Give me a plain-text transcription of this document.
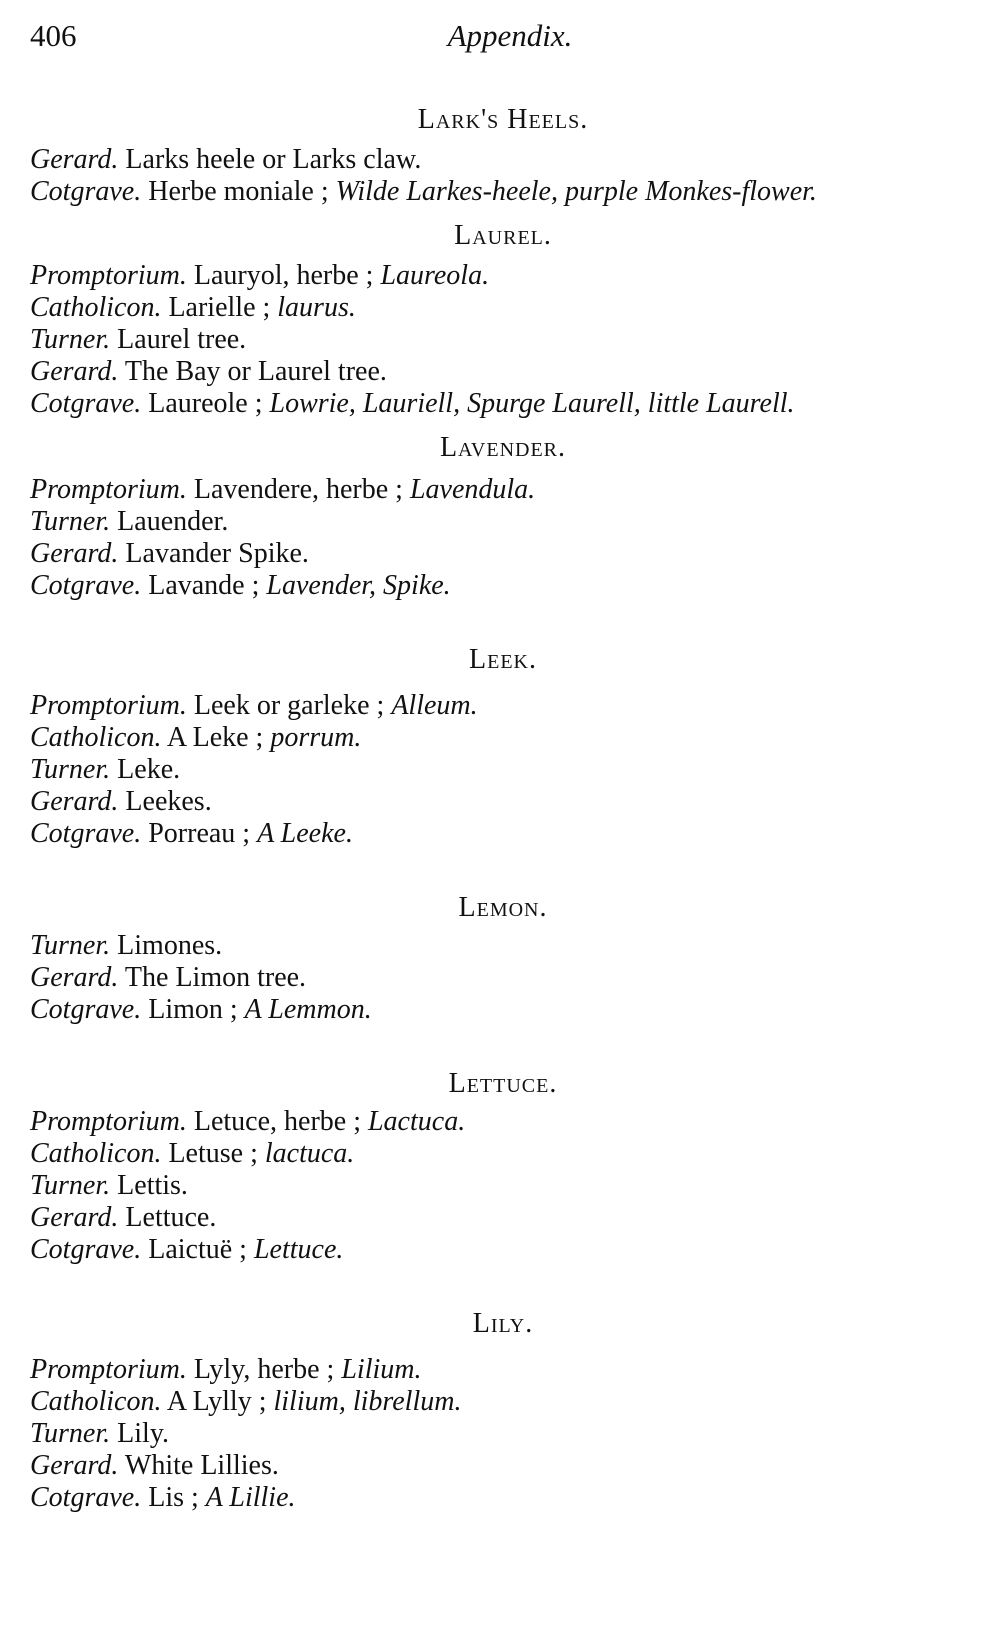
406	Appendix.
Lark's Heels.
Gerard. Larks heele or Larks claw.
Cotgrave. Herbe moniale ; Wilde Larkes-heele, purple Monkes-flower.
Laurel.
Promptorium. Lauryol, herbe ; Laureola.
Catholicon. Larielle ; laurus.
Turner. Laurel tree.
Gerard. The Bay or Laurel tree.
Cotgrave. Laureole ; Lowrie, Lauriell, Spurge Laurell, little Laurell.
Lavender.
Promptorium. Lavendere, herbe ; Lavendula.
Turner. Lauender.
Gerard. Lavander Spike.
Cotgrave. Lavande ; Lavender, Spike.
Leek.
Promptorium. Leek or garleke ; Alleum.
Catholicon. A Leke ; porrum.
Turner. Leke.
Gerard. Leekes.
Cotgrave. Porreau ; A Leeke.
Lemon.
Turner. Limones.
Gerard. The Limon tree.
Cotgrave. Limon ; A Lemmon.
Lettuce.
Promptorium. Letuce, herbe ; Lactuca.
Catholicon. Letuse ; lactuca.
Turner. Lettis.
Gerard. Lettuce.
Cotgrave. Laictuë ; Lettuce.
Lily.
Promptorium. Lyly, herbe ; Lilium.
Catholicon. A Lylly ; lilium, librellum.
Turner. Lily.
Gerard. White Lillies.
Cotgrave. Lis ; A Lillie.
